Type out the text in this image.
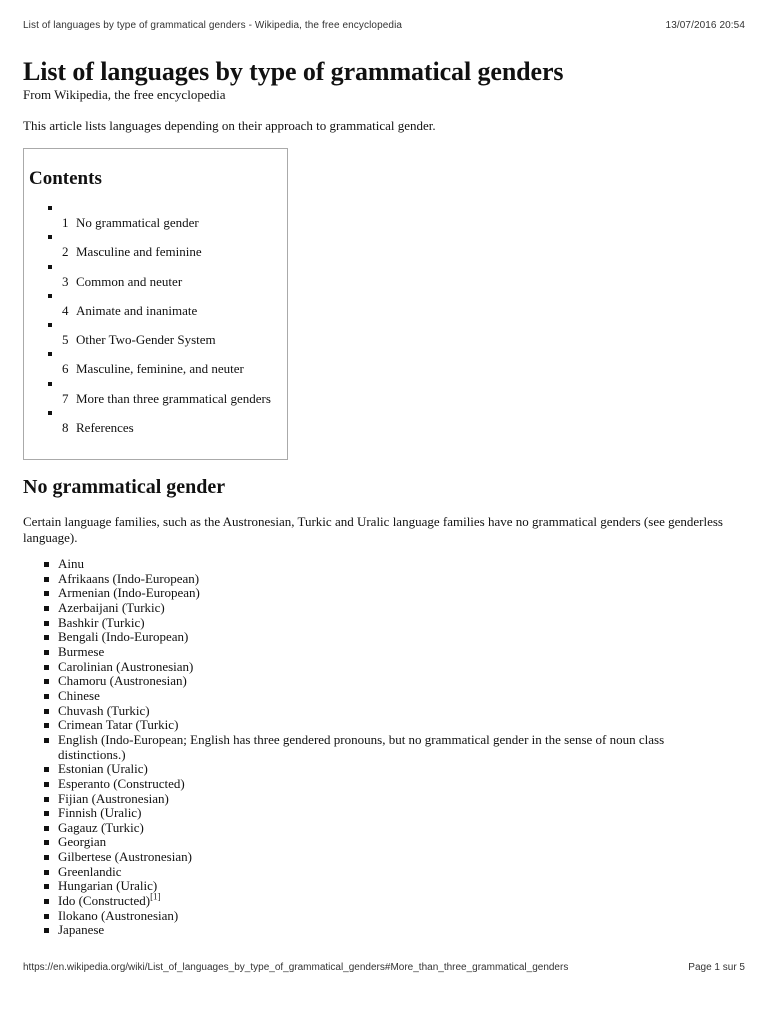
List of languages by type of grammatical genders - Wikipedia, the free encyclopedia	13/07/2016 20:54
List of languages by type of grammatical genders
From Wikipedia, the free encyclopedia
This article lists languages depending on their approach to grammatical gender.
Contents
1 No grammatical gender
2 Masculine and feminine
3 Common and neuter
4 Animate and inanimate
5 Other Two-Gender System
6 Masculine, feminine, and neuter
7 More than three grammatical genders
8 References
No grammatical gender
Certain language families, such as the Austronesian, Turkic and Uralic language families have no grammatical genders (see genderless language).
Ainu
Afrikaans (Indo-European)
Armenian (Indo-European)
Azerbaijani (Turkic)
Bashkir (Turkic)
Bengali (Indo-European)
Burmese
Carolinian (Austronesian)
Chamoru (Austronesian)
Chinese
Chuvash (Turkic)
Crimean Tatar (Turkic)
English (Indo-European; English has three gendered pronouns, but no grammatical gender in the sense of noun class distinctions.)
Estonian (Uralic)
Esperanto (Constructed)
Fijian (Austronesian)
Finnish (Uralic)
Gagauz (Turkic)
Georgian
Gilbertese (Austronesian)
Greenlandic
Hungarian (Uralic)
Ido (Constructed)[1]
Ilokano (Austronesian)
Japanese
https://en.wikipedia.org/wiki/List_of_languages_by_type_of_grammatical_genders#More_than_three_grammatical_genders	Page 1 sur 5
